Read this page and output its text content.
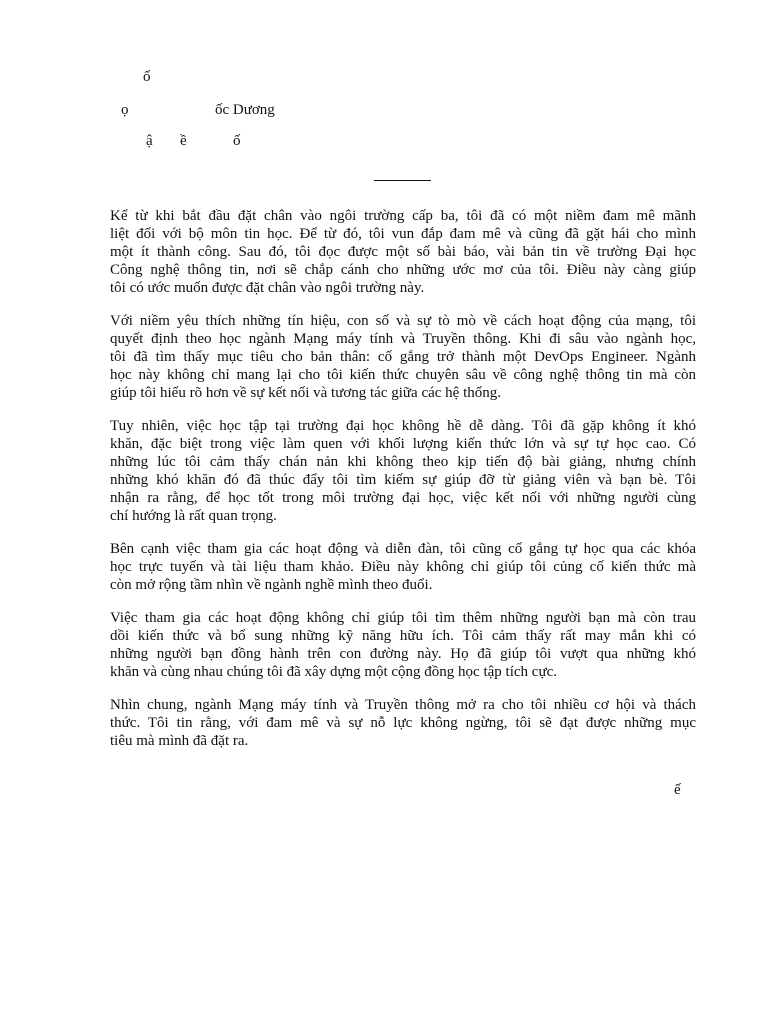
ố
ọ	ốc Dương
ậ ề	ố

Kể từ khi bắt đầu đặt chân vào ngôi trường cấp ba, tôi đã có một niềm đam mê mãnh
liệt đối với bộ môn tin học. Để từ đó, tôi vun đắp đam mê và cũng đã gặt hái cho mình
một ít thành công. Sau đó, tôi đọc được một số bài báo, vài bản tin về trường Đại học
Công nghệ thông tin, nơi sẽ chắp cánh cho những ước mơ của tôi. Điều này càng giúp
tôi có ước muốn được đặt chân vào ngôi trường này.

Với niềm yêu thích những tín hiệu, con số và sự tò mò về cách hoạt động của mạng, tôi
quyết định theo học ngành Mạng máy tính và Truyền thông. Khi đi sâu vào ngành học,
tôi đã tìm thấy mục tiêu cho bản thân: cố gắng trở thành một DevOps Engineer. Ngành
học này không chỉ mang lại cho tôi kiến thức chuyên sâu về công nghệ thông tin mà còn
giúp tôi hiểu rõ hơn về sự kết nối và tương tác giữa các hệ thống.

Tuy nhiên, việc học tập tại trường đại học không hề dễ dàng. Tôi đã gặp không ít khó
khăn, đặc biệt trong việc làm quen với khối lượng kiến thức lớn và sự tự học cao. Có
những lúc tôi cảm thấy chán nản khi không theo kịp tiến độ bài giảng, nhưng chính
những khó khăn đó đã thúc đẩy tôi tìm kiếm sự giúp đỡ từ giảng viên và bạn bè. Tôi
nhận ra rằng, để học tốt trong môi trường đại học, việc kết nối với những người cùng
chí hướng là rất quan trọng.

Bên cạnh việc tham gia các hoạt động và diễn đàn, tôi cũng cố gắng tự học qua các khóa
học trực tuyến và tài liệu tham khảo. Điều này không chỉ giúp tôi củng cố kiến thức mà
còn mở rộng tầm nhìn về ngành nghề mình theo đuổi.

Việc tham gia các hoạt động không chỉ giúp tôi tìm thêm những người bạn mà còn trau
dồi kiến thức và bổ sung những kỹ năng hữu ích. Tôi cảm thấy rất may mắn khi có
những người bạn đồng hành trên con đường này. Họ đã giúp tôi vượt qua những khó
khăn và cùng nhau chúng tôi đã xây dựng một cộng đồng học tập tích cực.

Nhìn chung, ngành Mạng máy tính và Truyền thông mở ra cho tôi nhiều cơ hội và thách
thức. Tôi tin rằng, với đam mê và sự nỗ lực không ngừng, tôi sẽ đạt được những mục
tiêu mà mình đã đặt ra.

ế
